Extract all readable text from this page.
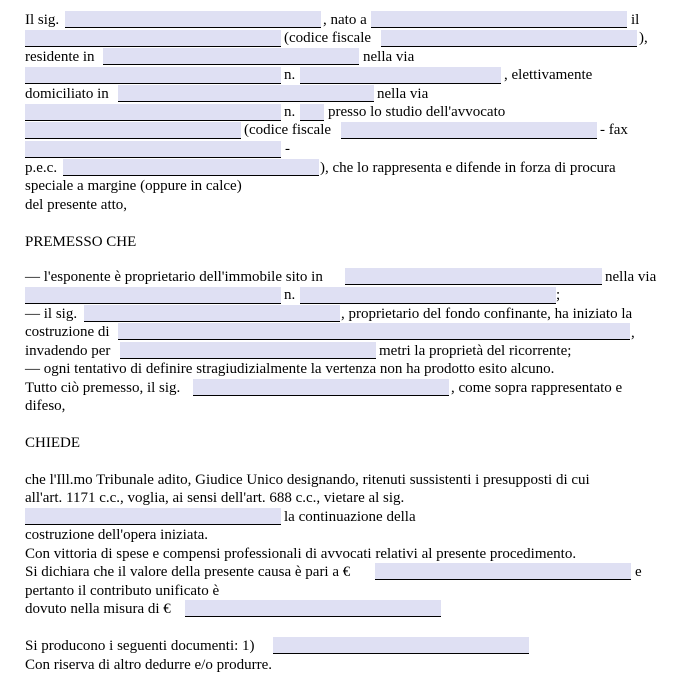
Il sig.	, nato a	il
(codice fiscale	),
residente in	nella via
n.	, elettivamente
domiciliato in	nella via
n. presso lo studio dell'avvocato
(codice fiscale	- fax
-
p.e.c.	), che lo rappresenta e difende in forza di procura
speciale a margine (oppure in calce)
del presente atto,
PREMESSO CHE
— l'esponente è proprietario dell'immobile sito in	nella via
n.	;
— il sig.	, proprietario del fondo confinante, ha iniziato la
costruzione di	,
invadendo per	metri la proprietà del ricorrente;
— ogni tentativo di definire stragiudizialmente la vertenza non ha prodotto esito alcuno.
Tutto ciò premesso, il sig.	, come sopra rappresentato e
difeso,
CHIEDE
che l'Ill.mo Tribunale adito, Giudice Unico designando, ritenuti sussistenti i presupposti di cui
all'art. 1171 c.c., voglia, ai sensi dell'art. 688 c.c., vietare al sig.
la continuazione della
costruzione dell'opera iniziata.
Con vittoria di spese e compensi professionali di avvocati relativi al presente procedimento.
Si dichiara che il valore della presente causa è pari a €	e
pertanto il contributo unificato è
dovuto nella misura di €
Si producono i seguenti documenti: 1)
Con riserva di altro dedurre e/o produrre.
